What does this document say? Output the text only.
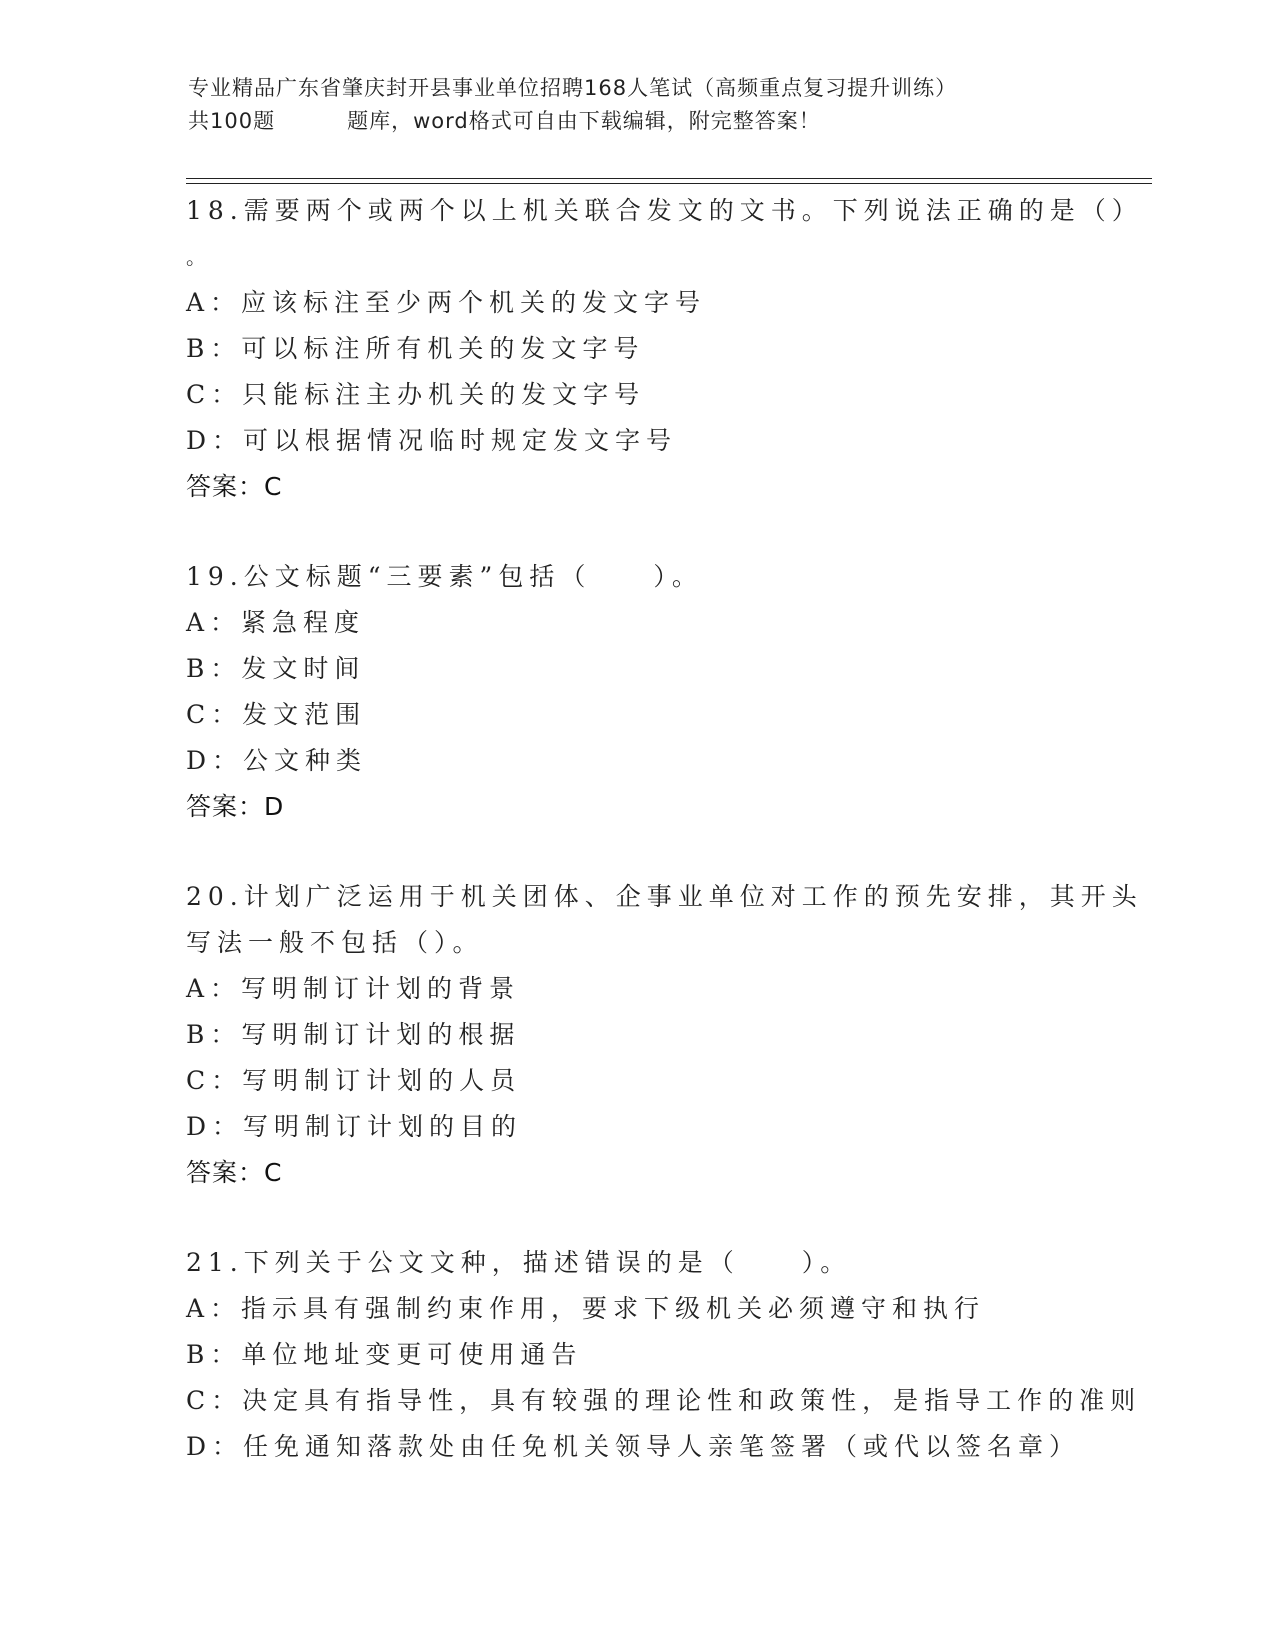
专业精品广东省肇庆封开县事业单位招聘168人笔试（高频重点复习提升训练）
共100题	题库，word格式可自由下载编辑，附完整答案！
18.需要两个或两个以上机关联合发文的文书。下列说法正确的是（）
。
A：应该标注至少两个机关的发文字号
B：可以标注所有机关的发文字号
C：只能标注主办机关的发文字号
D：可以根据情况临时规定发文字号
答案：C
19.公文标题“三要素”包括（　　）。
A：紧急程度
B：发文时间
C：发文范围
D：公文种类
答案：D
20.计划广泛运用于机关团体、企事业单位对工作的预先安排，其开头
写法一般不包括（）。
A：写明制订计划的背景
B：写明制订计划的根据
C：写明制订计划的人员
D：写明制订计划的目的
答案：C
21.下列关于公文文种，描述错误的是（　　）。
A：指示具有强制约束作用，要求下级机关必须遵守和执行
B：单位地址变更可使用通告
C：决定具有指导性，具有较强的理论性和政策性，是指导工作的准则
D：任免通知落款处由任免机关领导人亲笔签署（或代以签名章）
